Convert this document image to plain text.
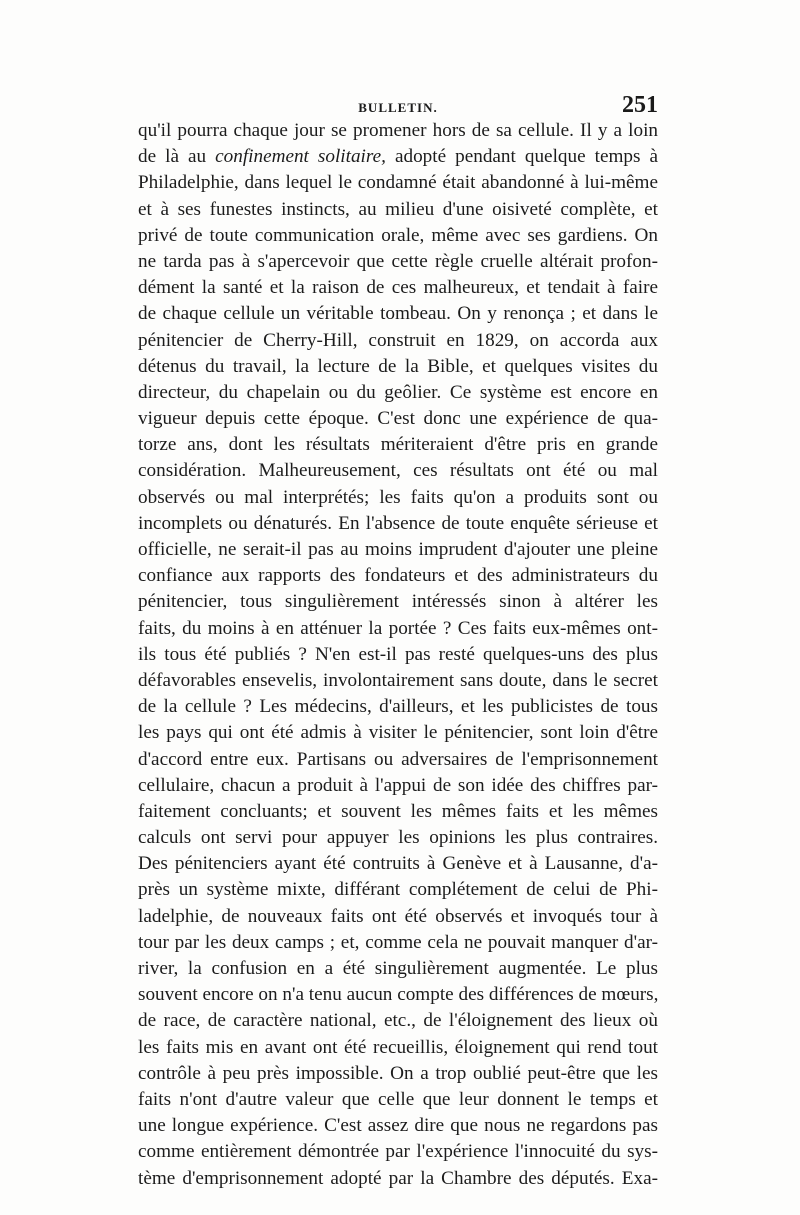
BULLETIN.	251
qu'il pourra chaque jour se promener hors de sa cellule. Il y a loin
de là au confinement solitaire, adopté pendant quelque temps à
Philadelphie, dans lequel le condamné était abandonné à lui-même
et à ses funestes instincts, au milieu d'une oisiveté complète, et
privé de toute communication orale, même avec ses gardiens. On
ne tarda pas à s'apercevoir que cette règle cruelle altérait profon-
dément la santé et la raison de ces malheureux, et tendait à faire
de chaque cellule un véritable tombeau. On y renonça ; et dans le
pénitencier de Cherry-Hill, construit en 1829, on accorda aux
détenus du travail, la lecture de la Bible, et quelques visites du
directeur, du chapelain ou du geôlier. Ce système est encore en
vigueur depuis cette époque. C'est donc une expérience de qua-
torze ans, dont les résultats mériteraient d'être pris en grande
considération. Malheureusement, ces résultats ont été ou mal
observés ou mal interprétés; les faits qu'on a produits sont ou
incomplets ou dénaturés. En l'absence de toute enquête sérieuse et
officielle, ne serait-il pas au moins imprudent d'ajouter une pleine
confiance aux rapports des fondateurs et des administrateurs du
pénitencier, tous singulièrement intéressés sinon à altérer les
faits, du moins à en atténuer la portée ? Ces faits eux-mêmes ont-
ils tous été publiés ? N'en est-il pas resté quelques-uns des plus
défavorables ensevelis, involontairement sans doute, dans le secret
de la cellule ? Les médecins, d'ailleurs, et les publicistes de tous
les pays qui ont été admis à visiter le pénitencier, sont loin d'être
d'accord entre eux. Partisans ou adversaires de l'emprisonnement
cellulaire, chacun a produit à l'appui de son idée des chiffres par-
faitement concluants; et souvent les mêmes faits et les mêmes
calculs ont servi pour appuyer les opinions les plus contraires.
Des pénitenciers ayant été contruits à Genève et à Lausanne, d'a-
près un système mixte, différant complétement de celui de Phi-
ladelphie, de nouveaux faits ont été observés et invoqués tour à
tour par les deux camps ; et, comme cela ne pouvait manquer d'ar-
river, la confusion en a été singulièrement augmentée. Le plus
souvent encore on n'a tenu aucun compte des différences de mœurs,
de race, de caractère national, etc., de l'éloignement des lieux où
les faits mis en avant ont été recueillis, éloignement qui rend tout
contrôle à peu près impossible. On a trop oublié peut-être que les
faits n'ont d'autre valeur que celle que leur donnent le temps et
une longue expérience. C'est assez dire que nous ne regardons pas
comme entièrement démontrée par l'expérience l'innocuité du sys-
tème d'emprisonnement adopté par la Chambre des députés. Exa-
